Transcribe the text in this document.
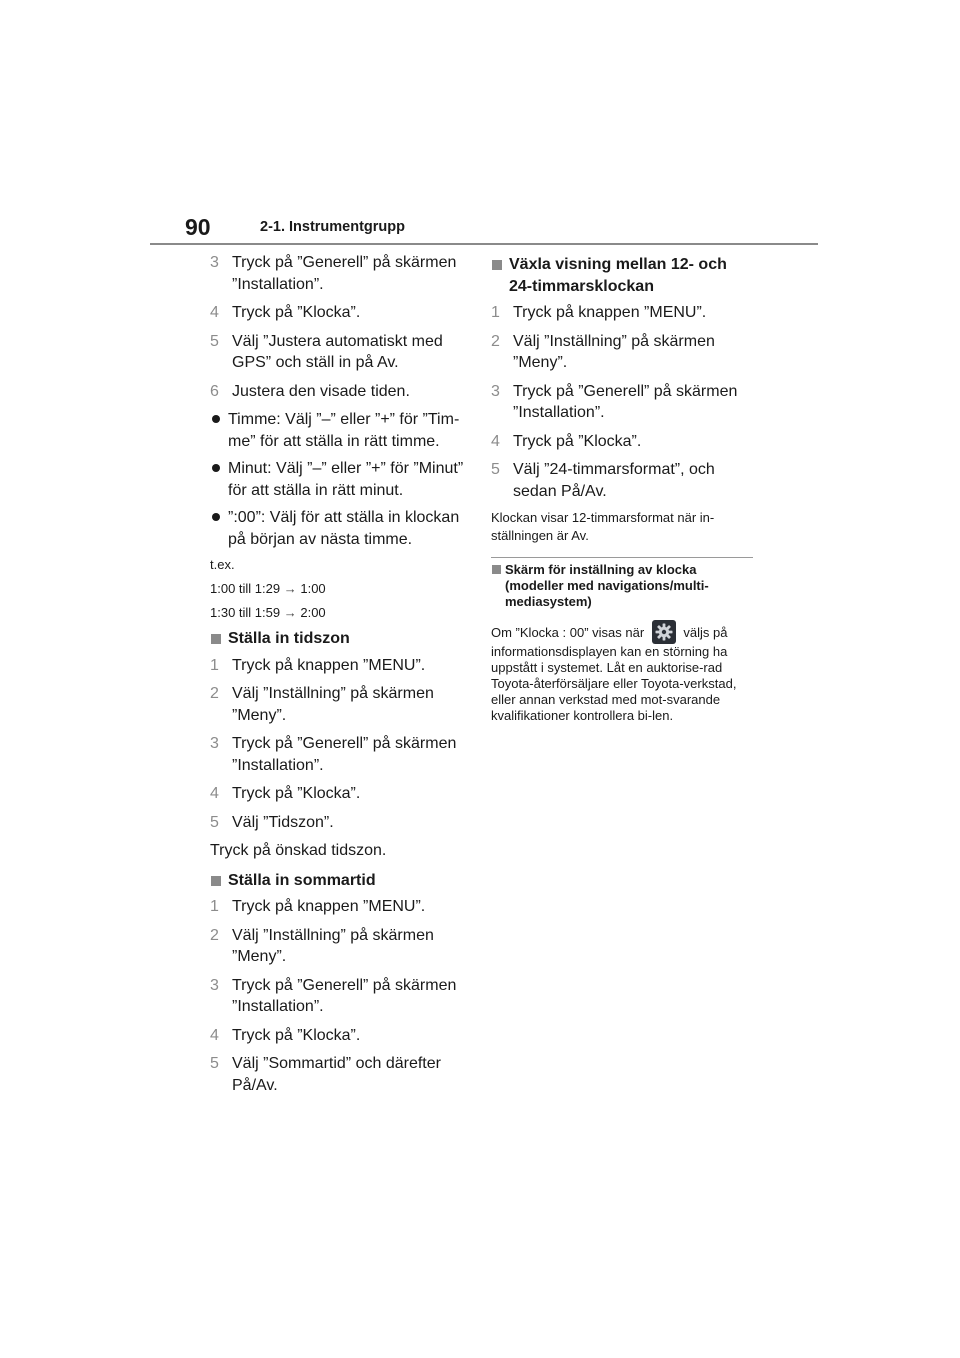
90	2-1. Instrumentgrupp
3 Tryck på ”Generell” på skärmen ”Installation”.
4 Tryck på ”Klocka”.
5 Välj ”Justera automatiskt med GPS” och ställ in på Av.
6 Justera den visade tiden.
Timme: Välj ”–” eller ”+” för ”Tim-me” för att ställa in rätt timme.
Minut: Välj ”–” eller ”+” för ”Minut” för att ställa in rätt minut.
”:00”: Välj för att ställa in klockan på början av nästa timme.
t.ex.
1:00 till 1:29 → 1:00
1:30 till 1:59 → 2:00
Ställa in tidszon
1 Tryck på knappen ”MENU”.
2 Välj ”Inställning” på skärmen ”Meny”.
3 Tryck på ”Generell” på skärmen ”Installation”.
4 Tryck på ”Klocka”.
5 Välj ”Tidszon”.
Tryck på önskad tidszon.
Ställa in sommartid
1 Tryck på knappen ”MENU”.
2 Välj ”Inställning” på skärmen ”Meny”.
3 Tryck på ”Generell” på skärmen ”Installation”.
4 Tryck på ”Klocka”.
5 Välj ”Sommartid” och därefter På/Av.
Växla visning mellan 12- och 24-timmarsklockan
1 Tryck på knappen ”MENU”.
2 Välj ”Inställning” på skärmen ”Meny”.
3 Tryck på ”Generell” på skärmen ”Installation”.
4 Tryck på ”Klocka”.
5 Välj ”24-timmarsformat”, och sedan På/Av.
Klockan visar 12-timmarsformat när in-ställningen är Av.
Skärm för inställning av klocka (modeller med navigations/multi-mediasystem)
Om ”Klocka : 00” visas när	väljs på informationsdisplayen kan en störning ha uppstått i systemet. Låt en auktorise-rad Toyota-återförsäljare eller Toyota-verkstad, eller annan verkstad med mot-svarande kvalifikationer kontrollera bi-len.
